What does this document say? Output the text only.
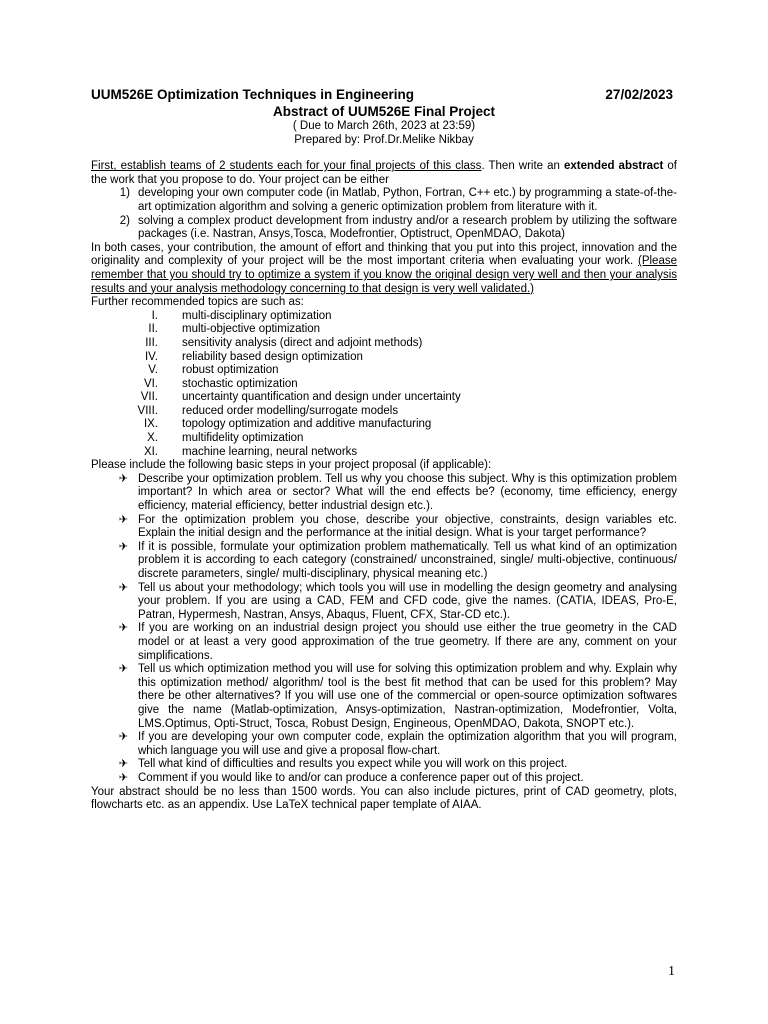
UUM526E Optimization Techniques in Engineering	27/02/2023
Abstract of UUM526E Final Project
( Due to March 26th, 2023 at 23:59)
Prepared by: Prof.Dr.Melike Nikbay

First, establish teams of 2 students each for your final projects of this class. Then write an extended abstract of the work that you propose to do. Your project can be either

1) developing your own computer code (in Matlab, Python, Fortran, C++ etc.) by programming a state-of-the-art optimization algorithm and solving a generic optimization problem from literature with it.
2) solving a complex product development from industry and/or a research problem by utilizing the software packages (i.e. Nastran, Ansys,Tosca, Modefrontier, Optistruct, OpenMDAO, Dakota)

In both cases, your contribution, the amount of effort and thinking that you put into this project, innovation and the originality and complexity of your project will be the most important criteria when evaluating your work. (Please remember that you should try to optimize a system if you know the original design very well and then your analysis results and your analysis methodology concerning to that design is very well validated.)

Further recommended topics are such as:
I.	multi-disciplinary optimization
II.	multi-objective optimization
III.	sensitivity analysis (direct and adjoint methods)
IV.	reliability based design optimization
V.	robust optimization
VI.	stochastic optimization
VII.	uncertainty quantification and design under uncertainty
VIII.	reduced order modelling/surrogate models
IX.	topology optimization and additive manufacturing
X.	multifidelity optimization
XI.	machine learning, neural networks
Please include the following basic steps in your project proposal (if applicable):
✈ Describe your optimization problem. Tell us why you choose this subject. Why is this optimization problem important? In which area or sector? What will the end effects be? (economy, time efficiency, energy efficiency, material efficiency, better industrial design etc.).
✈ For the optimization problem you chose, describe your objective, constraints, design variables etc. Explain the initial design and the performance at the initial design. What is your target performance?
✈ If it is possible, formulate your optimization problem mathematically. Tell us what kind of an optimization problem it is according to each category (constrained/ unconstrained, single/ multi-objective, continuous/ discrete parameters, single/ multi-disciplinary, physical meaning etc.)
✈ Tell us about your methodology; which tools you will use in modelling the design geometry and analysing your problem. If you are using a CAD, FEM and CFD code, give the names. (CATIA, IDEAS, Pro-E, Patran, Hypermesh, Nastran, Ansys, Abaqus, Fluent, CFX, Star-CD etc.).
✈ If you are working on an industrial design project you should use either the true geometry in the CAD model or at least a very good approximation of the true geometry. If there are any, comment on your simplifications.
✈ Tell us which optimization method you will use for solving this optimization problem and why. Explain why this optimization method/ algorithm/ tool is the best fit method that can be used for this problem? May there be other alternatives? If you will use one of the commercial or open-source optimization softwares give the name (Matlab-optimization, Ansys-optimization, Nastran-optimization, Modefrontier, Volta, LMS.Optimus, Opti-Struct, Tosca, Robust Design, Engineous, OpenMDAO, Dakota, SNOPT etc.).
✈ If you are developing your own computer code, explain the optimization algorithm that you will program, which language you will use and give a proposal flow-chart.
✈ Tell what kind of difficulties and results you expect while you will work on this project.
✈ Comment if you would like to and/or can produce a conference paper out of this project.

Your abstract should be no less than 1500 words. You can also include pictures, print of CAD geometry, plots, flowcharts etc. as an appendix. Use LaTeX technical paper template of AIAA.

1
